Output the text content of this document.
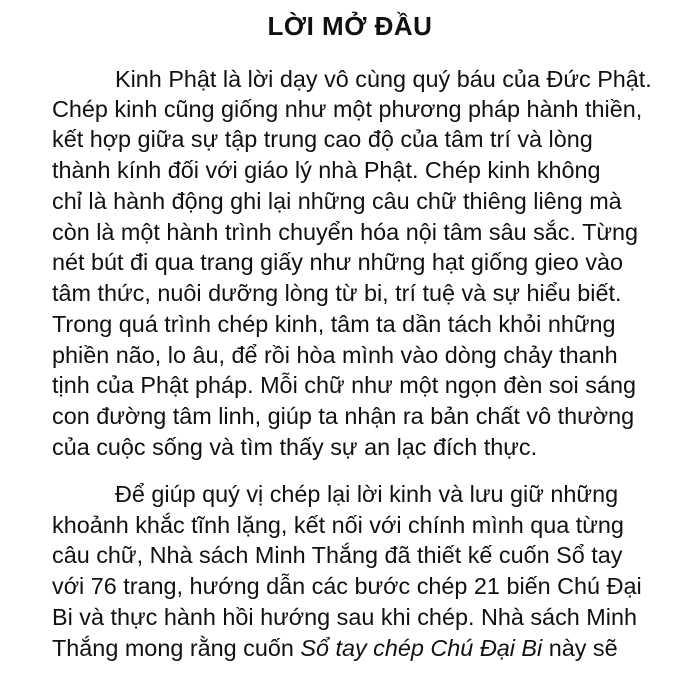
LỜI MỞ ĐẦU
Kinh Phật là lời dạy vô cùng quý báu của Đức Phật.
Chép kinh cũng giống như một phương pháp hành thiền,
kết hợp giữa sự tập trung cao độ của tâm trí và lòng
thành kính đối với giáo lý nhà Phật. Chép kinh không
chỉ là hành động ghi lại những câu chữ thiêng liêng mà
còn là một hành trình chuyển hóa nội tâm sâu sắc. Từng
nét bút đi qua trang giấy như những hạt giống gieo vào
tâm thức, nuôi dưỡng lòng từ bi, trí tuệ và sự hiểu biết.
Trong quá trình chép kinh, tâm ta dần tách khỏi những
phiền não, lo âu, để rồi hòa mình vào dòng chảy thanh
tịnh của Phật pháp. Mỗi chữ như một ngọn đèn soi sáng
con đường tâm linh, giúp ta nhận ra bản chất vô thường
của cuộc sống và tìm thấy sự an lạc đích thực.
Để giúp quý vị chép lại lời kinh và lưu giữ những
khoảnh khắc tĩnh lặng, kết nối với chính mình qua từng
câu chữ, Nhà sách Minh Thắng đã thiết kế cuốn Sổ tay
với 76 trang, hướng dẫn các bước chép 21 biến Chú Đại
Bi và thực hành hồi hướng sau khi chép. Nhà sách Minh
Thắng mong rằng cuốn Sổ tay chép Chú Đại Bi này sẽ
